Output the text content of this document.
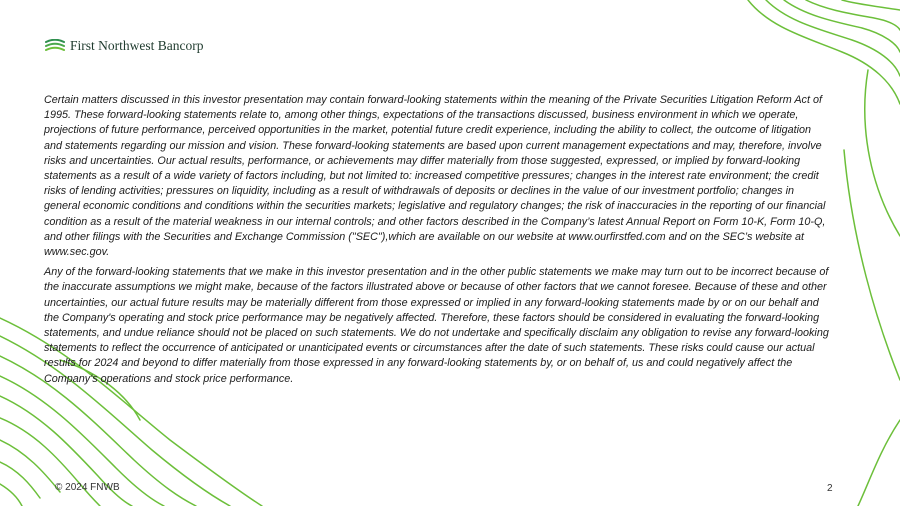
First Northwest Bancorp

Certain matters discussed in this investor presentation may contain forward-looking statements within the meaning of the Private Securities Litigation Reform Act of 1995. These forward-looking statements relate to, among other things, expectations of the transactions discussed, business environment in which we operate, projections of future performance, perceived opportunities in the market, potential future credit experience, including the ability to collect, the outcome of litigation and statements regarding our mission and vision. These forward-looking statements are based upon current management expectations and may, therefore, involve risks and uncertainties. Our actual results, performance, or achievements may differ materially from those suggested, expressed, or implied by forward-looking statements as a result of a wide variety of factors including, but not limited to: increased competitive pressures; changes in the interest rate environment; the credit risks of lending activities; pressures on liquidity, including as a result of withdrawals of deposits or declines in the value of our investment portfolio; changes in general economic conditions and conditions within the securities markets; legislative and regulatory changes; the risk of inaccuracies in the reporting of our financial condition as a result of the material weakness in our internal controls; and other factors described in the Company’s latest Annual Report on Form 10-K, Form 10-Q, and other filings with the Securities and Exchange Commission ("SEC"),which are available on our website at www.ourfirstfed.com and on the SEC’s website at www.sec.gov.

Any of the forward-looking statements that we make in this investor presentation and in the other public statements we make may turn out to be incorrect because of the inaccurate assumptions we might make, because of the factors illustrated above or because of other factors that we cannot foresee. Because of these and other uncertainties, our actual future results may be materially different from those expressed or implied in any forward-looking statements made by or on our behalf and the Company's operating and stock price performance may be negatively affected. Therefore, these factors should be considered in evaluating the forward-looking statements, and undue reliance should not be placed on such statements. We do not undertake and specifically disclaim any obligation to revise any forward-looking statements to reflect the occurrence of anticipated or unanticipated events or circumstances after the date of such statements. These risks could cause our actual results for 2024 and beyond to differ materially from those expressed in any forward-looking statements by, or on behalf of, us and could negatively affect the Company's operations and stock price performance.

© 2024 FNWB	2
